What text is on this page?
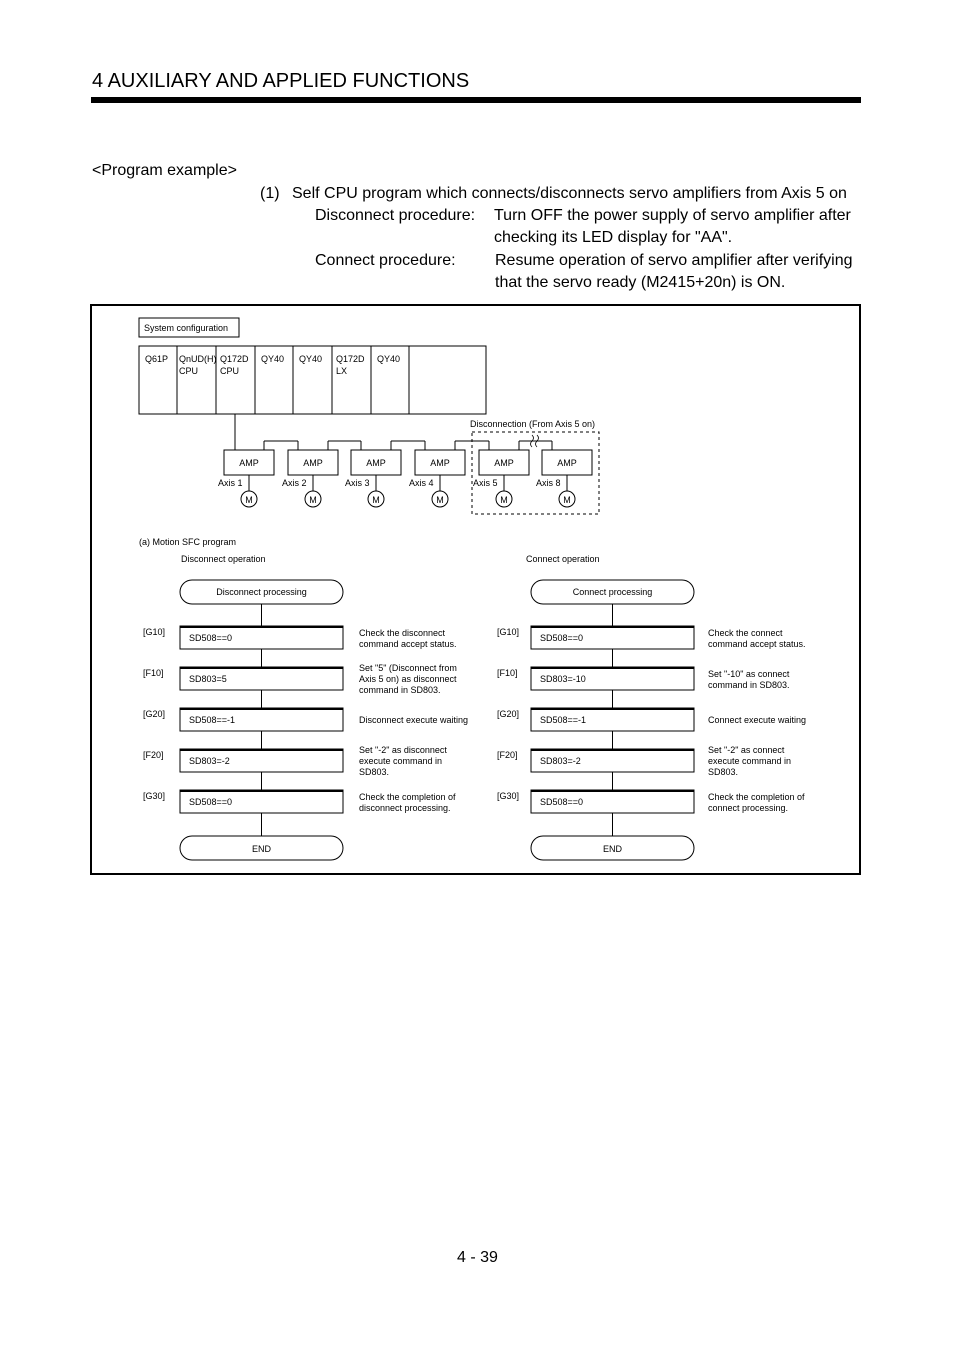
4 AUXILIARY AND APPLIED FUNCTIONS
<Program example>
(1) Self CPU program which connects/disconnects servo amplifiers from Axis 5 on
Disconnect procedure: Turn OFF the power supply of servo amplifier after
checking its LED display for "AA".
Connect procedure: Resume operation of servo amplifier after verifying
that the servo ready (M2415+20n) is ON.
System configuration
Q61P QnUD(H)
CPU
Q172D
CPU
QY40 QY40 Q172D
LX
QY40
AMP
Axis 1
M
AMP
Axis 2
M
AMP
Axis 3
M
AMP
Axis 4
M
AMP
Axis 5
M
AMP
Axis 8
M
Disconnection (From Axis 5 on)
(a) Motion SFC program
Disconnect operation
Disconnect processing
SD508==0
[G10]	Check the disconnect
command accept status.
SD803=5
[F10]	Set "5" (Disconnect from
Axis 5 on) as disconnect
command in SD803.
SD508==-1
[G20]
Disconnect execute waiting
SD803=-2
[F20]	Set "-2" as disconnect
execute command in
SD803.
SD508==0
[G30]	Check the completion of
disconnect processing.
END
Connect operation
Connect processing
SD508==0
[G10]	Check the connect
command accept status.
SD803=-10
[F10]	Set "-10" as connect
command in SD803.
SD508==-1
[G20]
Connect execute waiting
SD803=-2
[F20]	Set "-2" as connect
execute command in
SD803.
SD508==0
[G30]	Check the completion of
connect processing.
END
4 - 39
